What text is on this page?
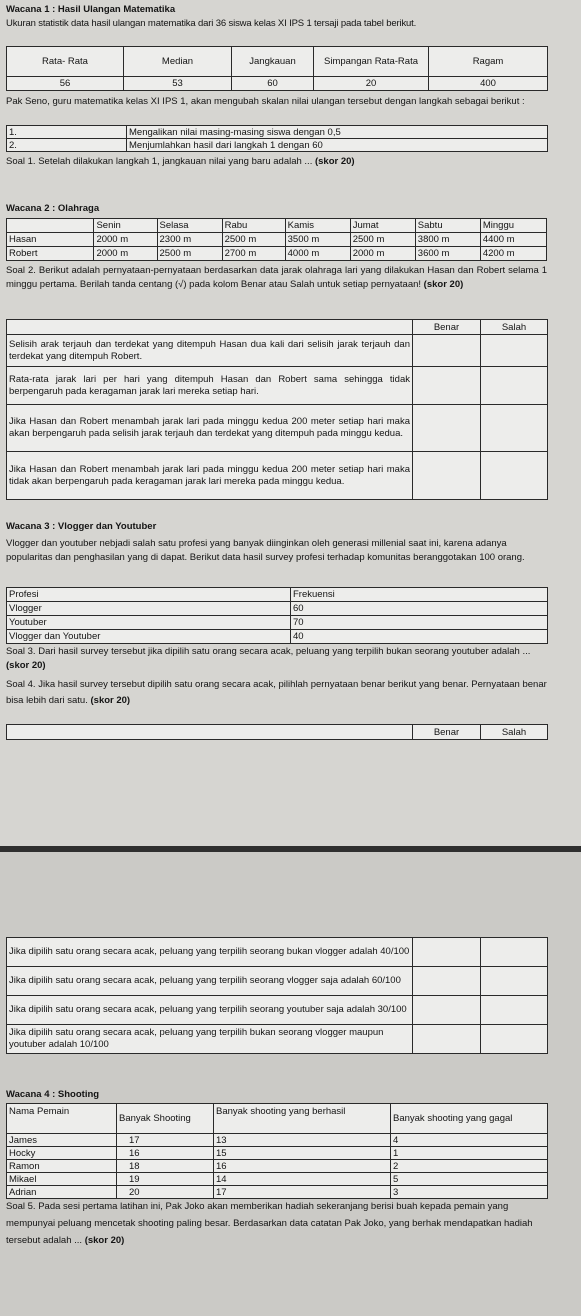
Wacana 1 : Hasil Ulangan Matematika
Ukuran statistik data hasil ulangan matematika dari 36 siswa kelas XI IPS 1 tersaji pada tabel berikut.
Rata- Rata	Median	Jangkauan	Simpangan Rata-Rata	Ragam
56	53	60	20	400
Pak Seno, guru matematika kelas XI IPS 1, akan mengubah skalan nilai ulangan tersebut dengan langkah sebagai berikut :
1.	Mengalikan nilai masing-masing siswa dengan 0,5
2.	Menjumlahkan hasil dari langkah 1 dengan 60
Soal 1. Setelah dilakukan langkah 1, jangkauan nilai yang baru adalah ... (skor 20)
Wacana 2 : Olahraga
	Senin	Selasa	Rabu	Kamis	Jumat	Sabtu	Minggu
Hasan	2000 m	2300 m	2500 m	3500 m	2500 m	3800 m	4400 m
Robert	2000 m	2500 m	2700 m	4000 m	2000 m	3600 m	4200 m
Soal 2. Berikut adalah pernyataan-pernyataan berdasarkan data jarak olahraga lari yang dilakukan Hasan dan Robert selama 1 minggu pertama. Berilah tanda centang (√) pada kolom Benar atau Salah untuk setiap pernyataan! (skor 20)
	Benar	Salah
Selisih arak terjauh dan terdekat yang ditempuh Hasan dua kali dari selisih jarak terjauh dan terdekat yang ditempuh Robert.		
Rata-rata jarak lari per hari yang ditempuh Hasan dan Robert sama sehingga tidak berpengaruh pada keragaman jarak lari mereka setiap hari.		
Jika Hasan dan Robert menambah jarak lari pada minggu kedua 200 meter setiap hari maka akan berpengaruh pada selisih jarak terjauh dan terdekat yang ditempuh pada minggu kedua.		
Jika Hasan dan Robert menambah jarak lari pada minggu kedua 200 meter setiap hari maka tidak akan berpengaruh pada keragaman jarak lari mereka pada minggu kedua.		
Wacana 3 : Vlogger dan Youtuber
Vlogger dan youtuber nebjadi salah satu profesi yang banyak diinginkan oleh generasi millenial saat ini, karena adanya popularitas dan penghasilan yang di dapat. Berikut data hasil survey profesi terhadap komunitas beranggotakan 100 orang.
Profesi	Frekuensi
Vlogger	60
Youtuber	70
Vlogger dan Youtuber	40
Soal 3. Dari hasil survey tersebut jika dipilih satu orang secara acak, peluang yang terpilih bukan seorang youtuber adalah ... (skor 20)
Soal 4. Jika hasil survey tersebut dipilih satu orang secara acak, pilihlah pernyataan benar berikut yang benar. Pernyataan benar bisa lebih dari satu. (skor 20)
	Benar	Salah
Jika dipilih satu orang secara acak, peluang yang terpilih seorang bukan vlogger adalah 40/100		
Jika dipilih satu orang secara acak, peluang yang terpilih seorang vlogger saja adalah 60/100		
Jika dipilih satu orang secara acak, peluang yang terpilih seorang youtuber saja adalah 30/100		
Jika dipilih satu orang secara acak, peluang yang terpilih bukan seorang vlogger maupun youtuber adalah 10/100		
Wacana 4 : Shooting
Nama Pemain	Banyak Shooting	Banyak shooting yang berhasil	Banyak shooting yang gagal
James	17	13	4
Hocky	16	15	1
Ramon	18	16	2
Mikael	19	14	5
Adrian	20	17	3
Soal 5. Pada sesi pertama latihan ini, Pak Joko akan memberikan hadiah sekeranjang berisi buah kepada pemain yang mempunyai peluang mencetak shooting paling besar. Berdasarkan data catatan Pak Joko, yang berhak mendapatkan hadiah tersebut adalah ... (skor 20)
